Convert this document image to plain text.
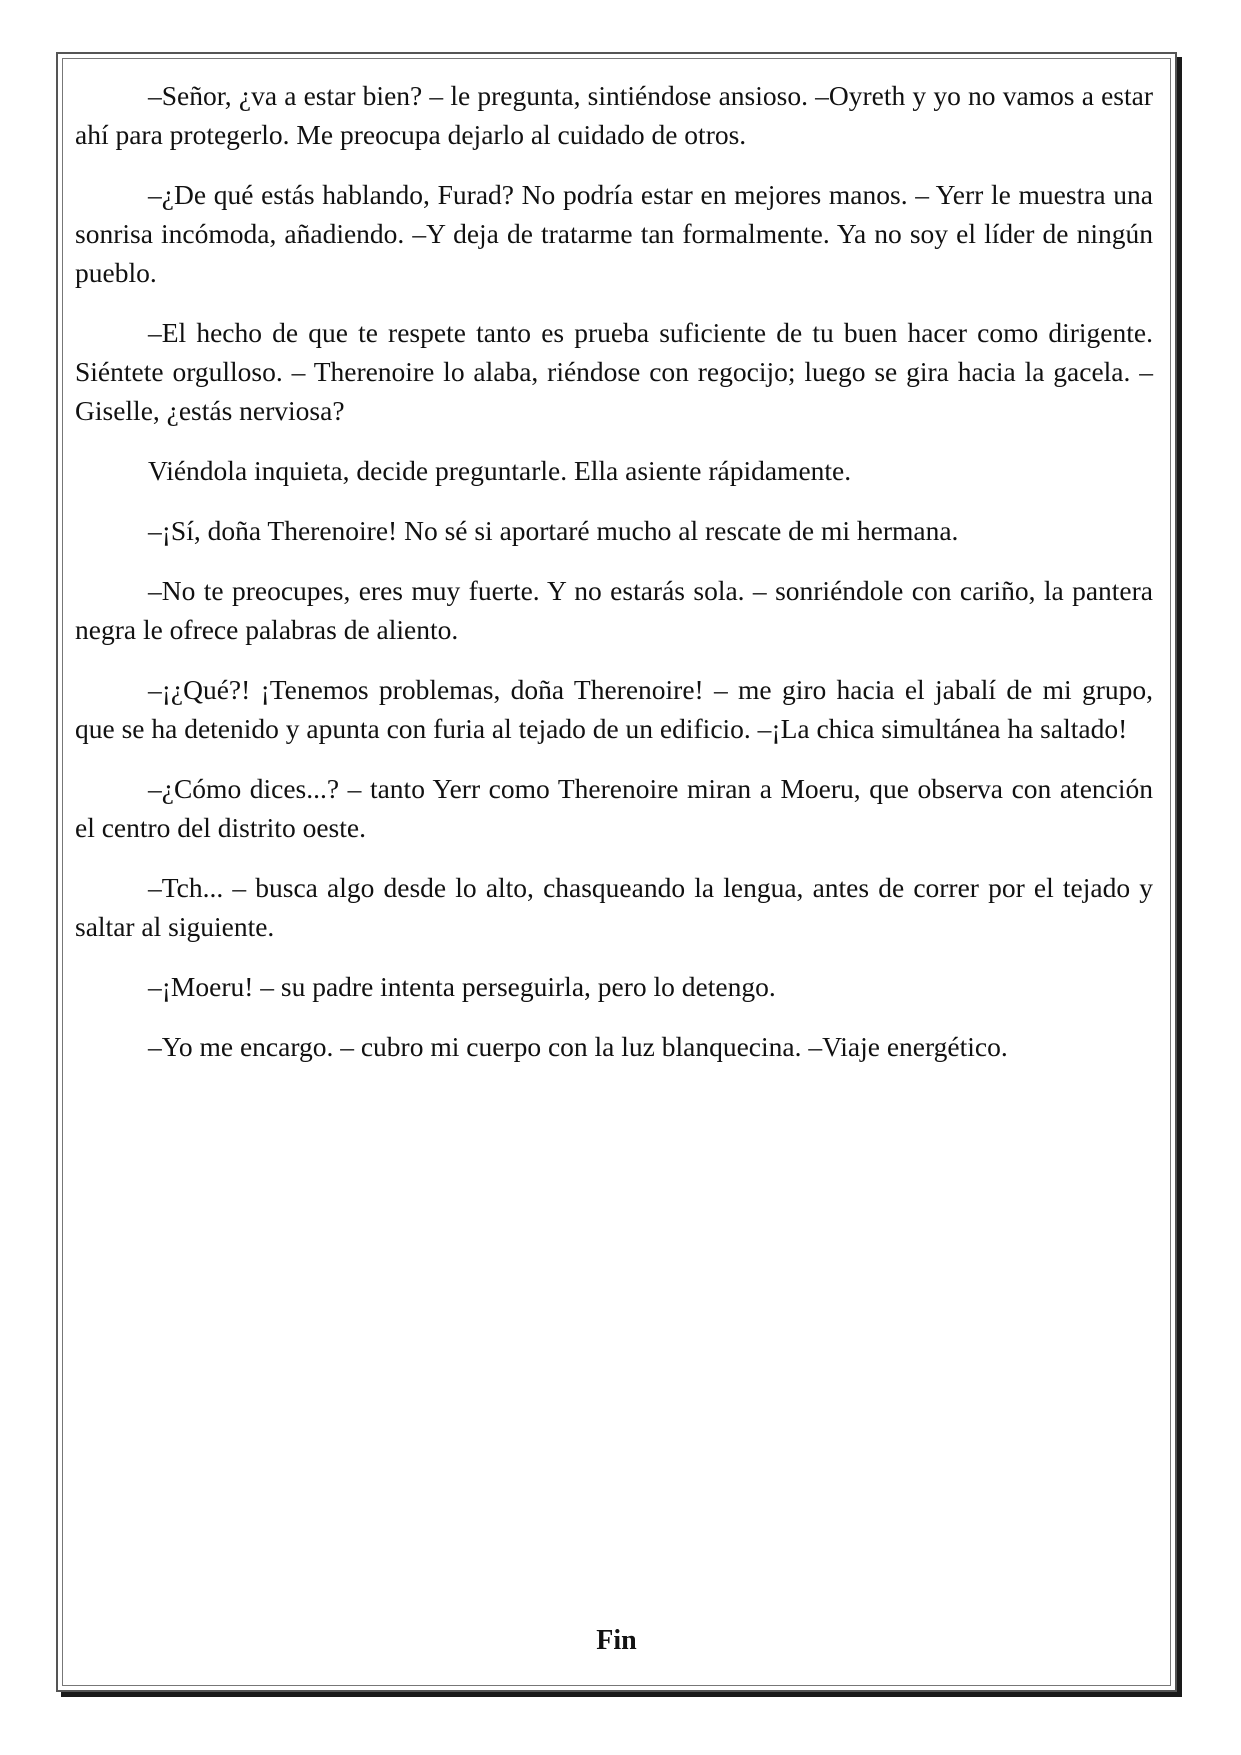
–Señor, ¿va a estar bien? – le pregunta, sintiéndose ansioso. –Oyreth y yo no vamos a estar ahí para protegerlo. Me preocupa dejarlo al cuidado de otros.

–¿De qué estás hablando, Furad? No podría estar en mejores manos. – Yerr le muestra una sonrisa incómoda, añadiendo. –Y deja de tratarme tan formalmente. Ya no soy el líder de ningún pueblo.

–El hecho de que te respete tanto es prueba suficiente de tu buen hacer como dirigente. Siéntete orgulloso. – Therenoire lo alaba, riéndose con regocijo; luego se gira hacia la gacela. –Giselle, ¿estás nerviosa?

Viéndola inquieta, decide preguntarle. Ella asiente rápidamente.

–¡Sí, doña Therenoire! No sé si aportaré mucho al rescate de mi hermana.

–No te preocupes, eres muy fuerte. Y no estarás sola. – sonriéndole con cariño, la pantera negra le ofrece palabras de aliento.

–¡¿Qué?! ¡Tenemos problemas, doña Therenoire! – me giro hacia el jabalí de mi grupo, que se ha detenido y apunta con furia al tejado de un edificio. –¡La chica simultánea ha saltado!

–¿Cómo dices...? – tanto Yerr como Therenoire miran a Moeru, que observa con atención el centro del distrito oeste.

–Tch... – busca algo desde lo alto, chasqueando la lengua, antes de correr por el tejado y saltar al siguiente.

–¡Moeru! – su padre intenta perseguirla, pero lo detengo.

–Yo me encargo. – cubro mi cuerpo con la luz blanquecina. –Viaje energético.

Fin
